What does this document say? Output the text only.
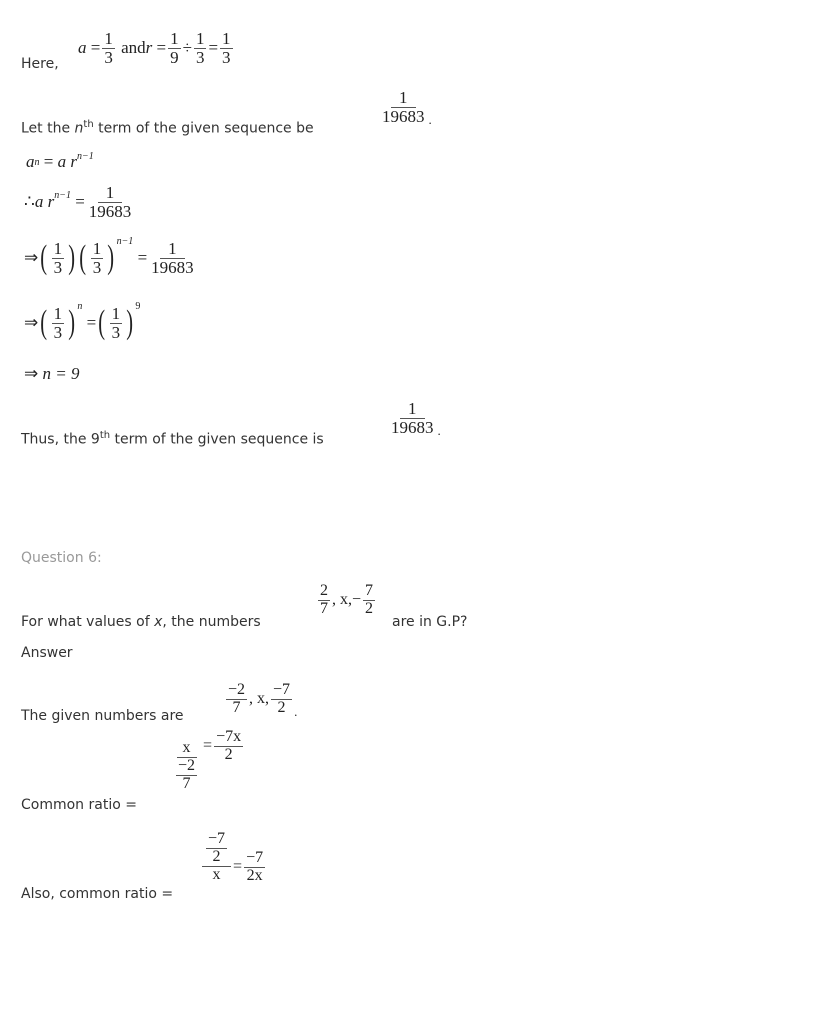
Here,
a
= $\frac{1}{3}$
and r
= $\frac{1}{9} \div \frac{1}{3} = \frac{1}{3}$
Let the $n^{th}$ term of the given sequence be
$\frac{1}{19683}$ .
a n
=
a $r^{n-1}$
∴ a $r^{n-1}$
= $\frac{1}{19683}$
⇒ ( $\frac{1}{3}$ ) ( $\frac{1}{3} )^{n-1}$

= $\frac{1}{19683}$
⇒ ( $\frac{1}{3} )^n$

= ( $\frac{1}{3} )^9$
⇒
n = 9
Thus, the 9th term of the given sequence is
$\frac{1}{19683}$ .
Question 6:
For what values of x, the numbers
$\frac{2}{7}$ , x, − $\frac{7}{2}$
are in G.P?
Answer
The given numbers are	$\frac{-2}{7}$ , x, $\frac{-7}{2}$ .
Common ratio =
$\frac{x}{\frac{-2}{7}} = \frac{-7x}{2}$
Also, common ratio =
$\frac{\frac{-7}{2}}{x} = \frac{-7}{2x}$
